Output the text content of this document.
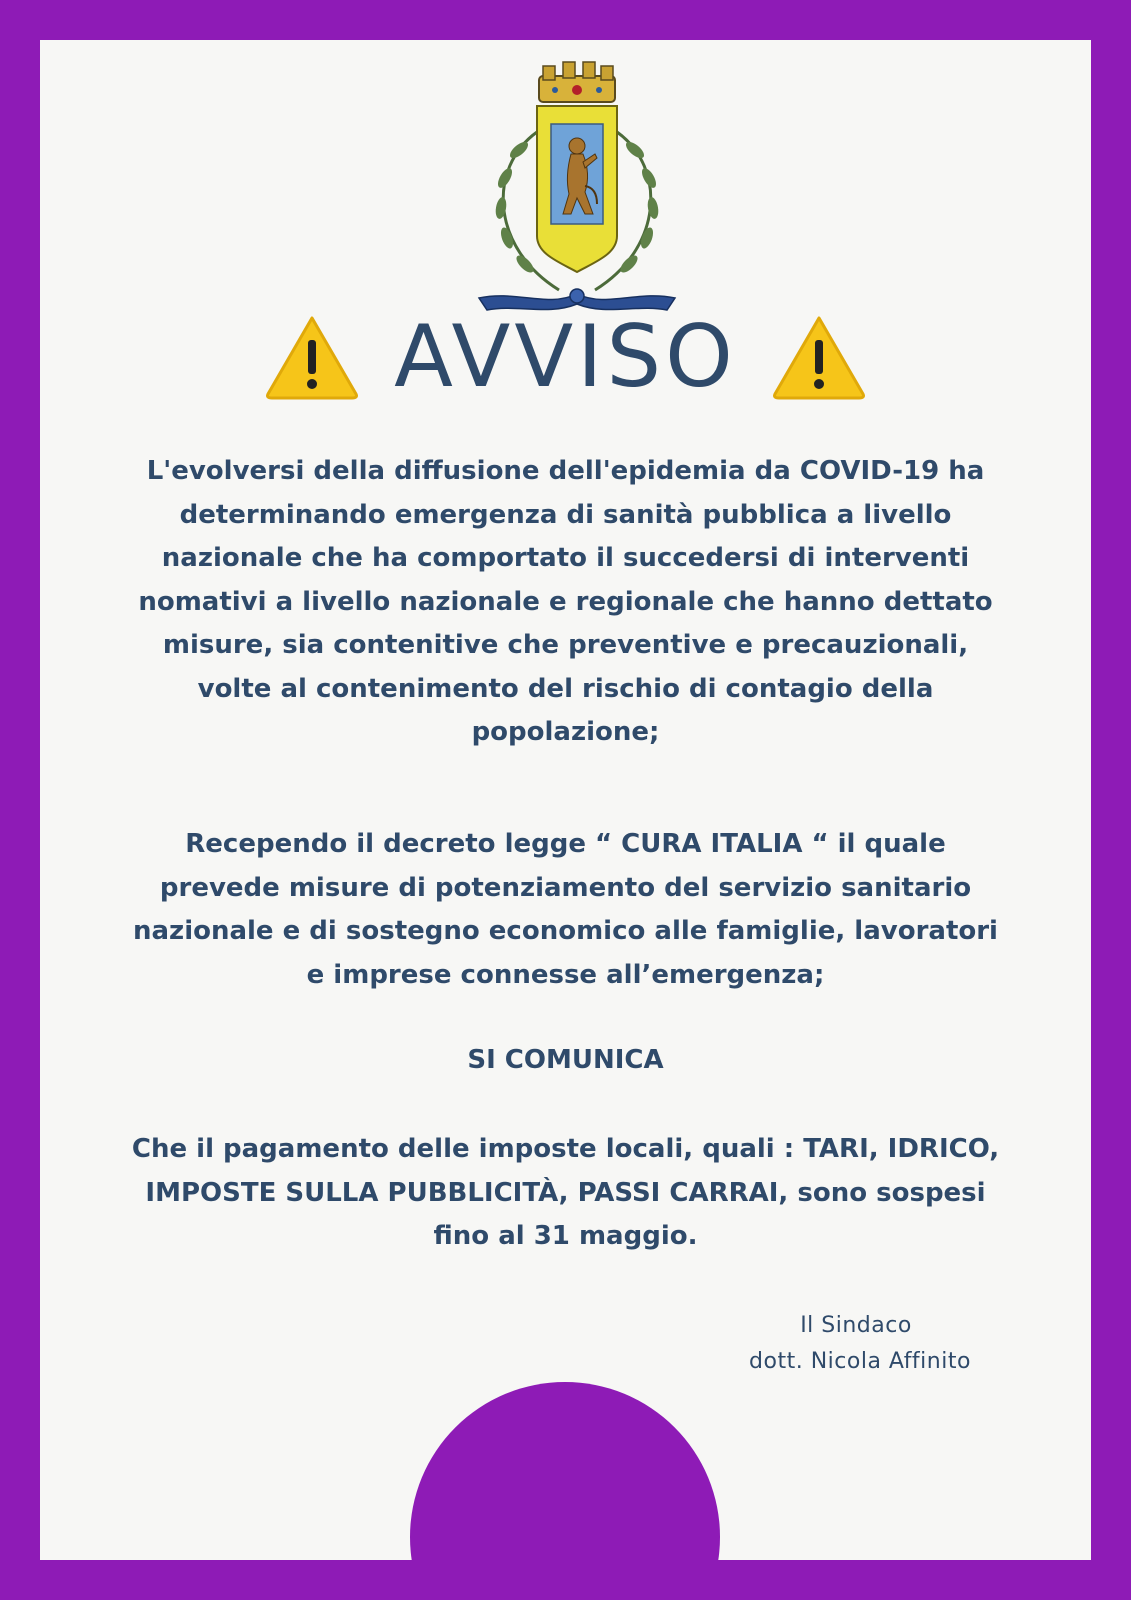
AVVISO
L'evolversi della diffusione dell'epidemia da COVID-19 ha
determinando emergenza di sanità pubblica a livello
nazionale che ha comportato il succedersi di interventi
nomativi a livello nazionale e regionale che hanno dettato
misure, sia contenitive che preventive e precauzionali,
volte al contenimento del rischio di contagio della
popolazione;
Recependo il decreto legge “ CURA ITALIA “ il quale
prevede misure di potenziamento del servizio sanitario
nazionale e di sostegno economico alle famiglie, lavoratori
e imprese connesse all’emergenza;
SI COMUNICA
Che il pagamento delle imposte locali, quali : TARI, IDRICO,
IMPOSTE SULLA PUBBLICITÀ, PASSI CARRAI, sono sospesi
fino al 31 maggio.
Il Sindaco
dott. Nicola Affinito
